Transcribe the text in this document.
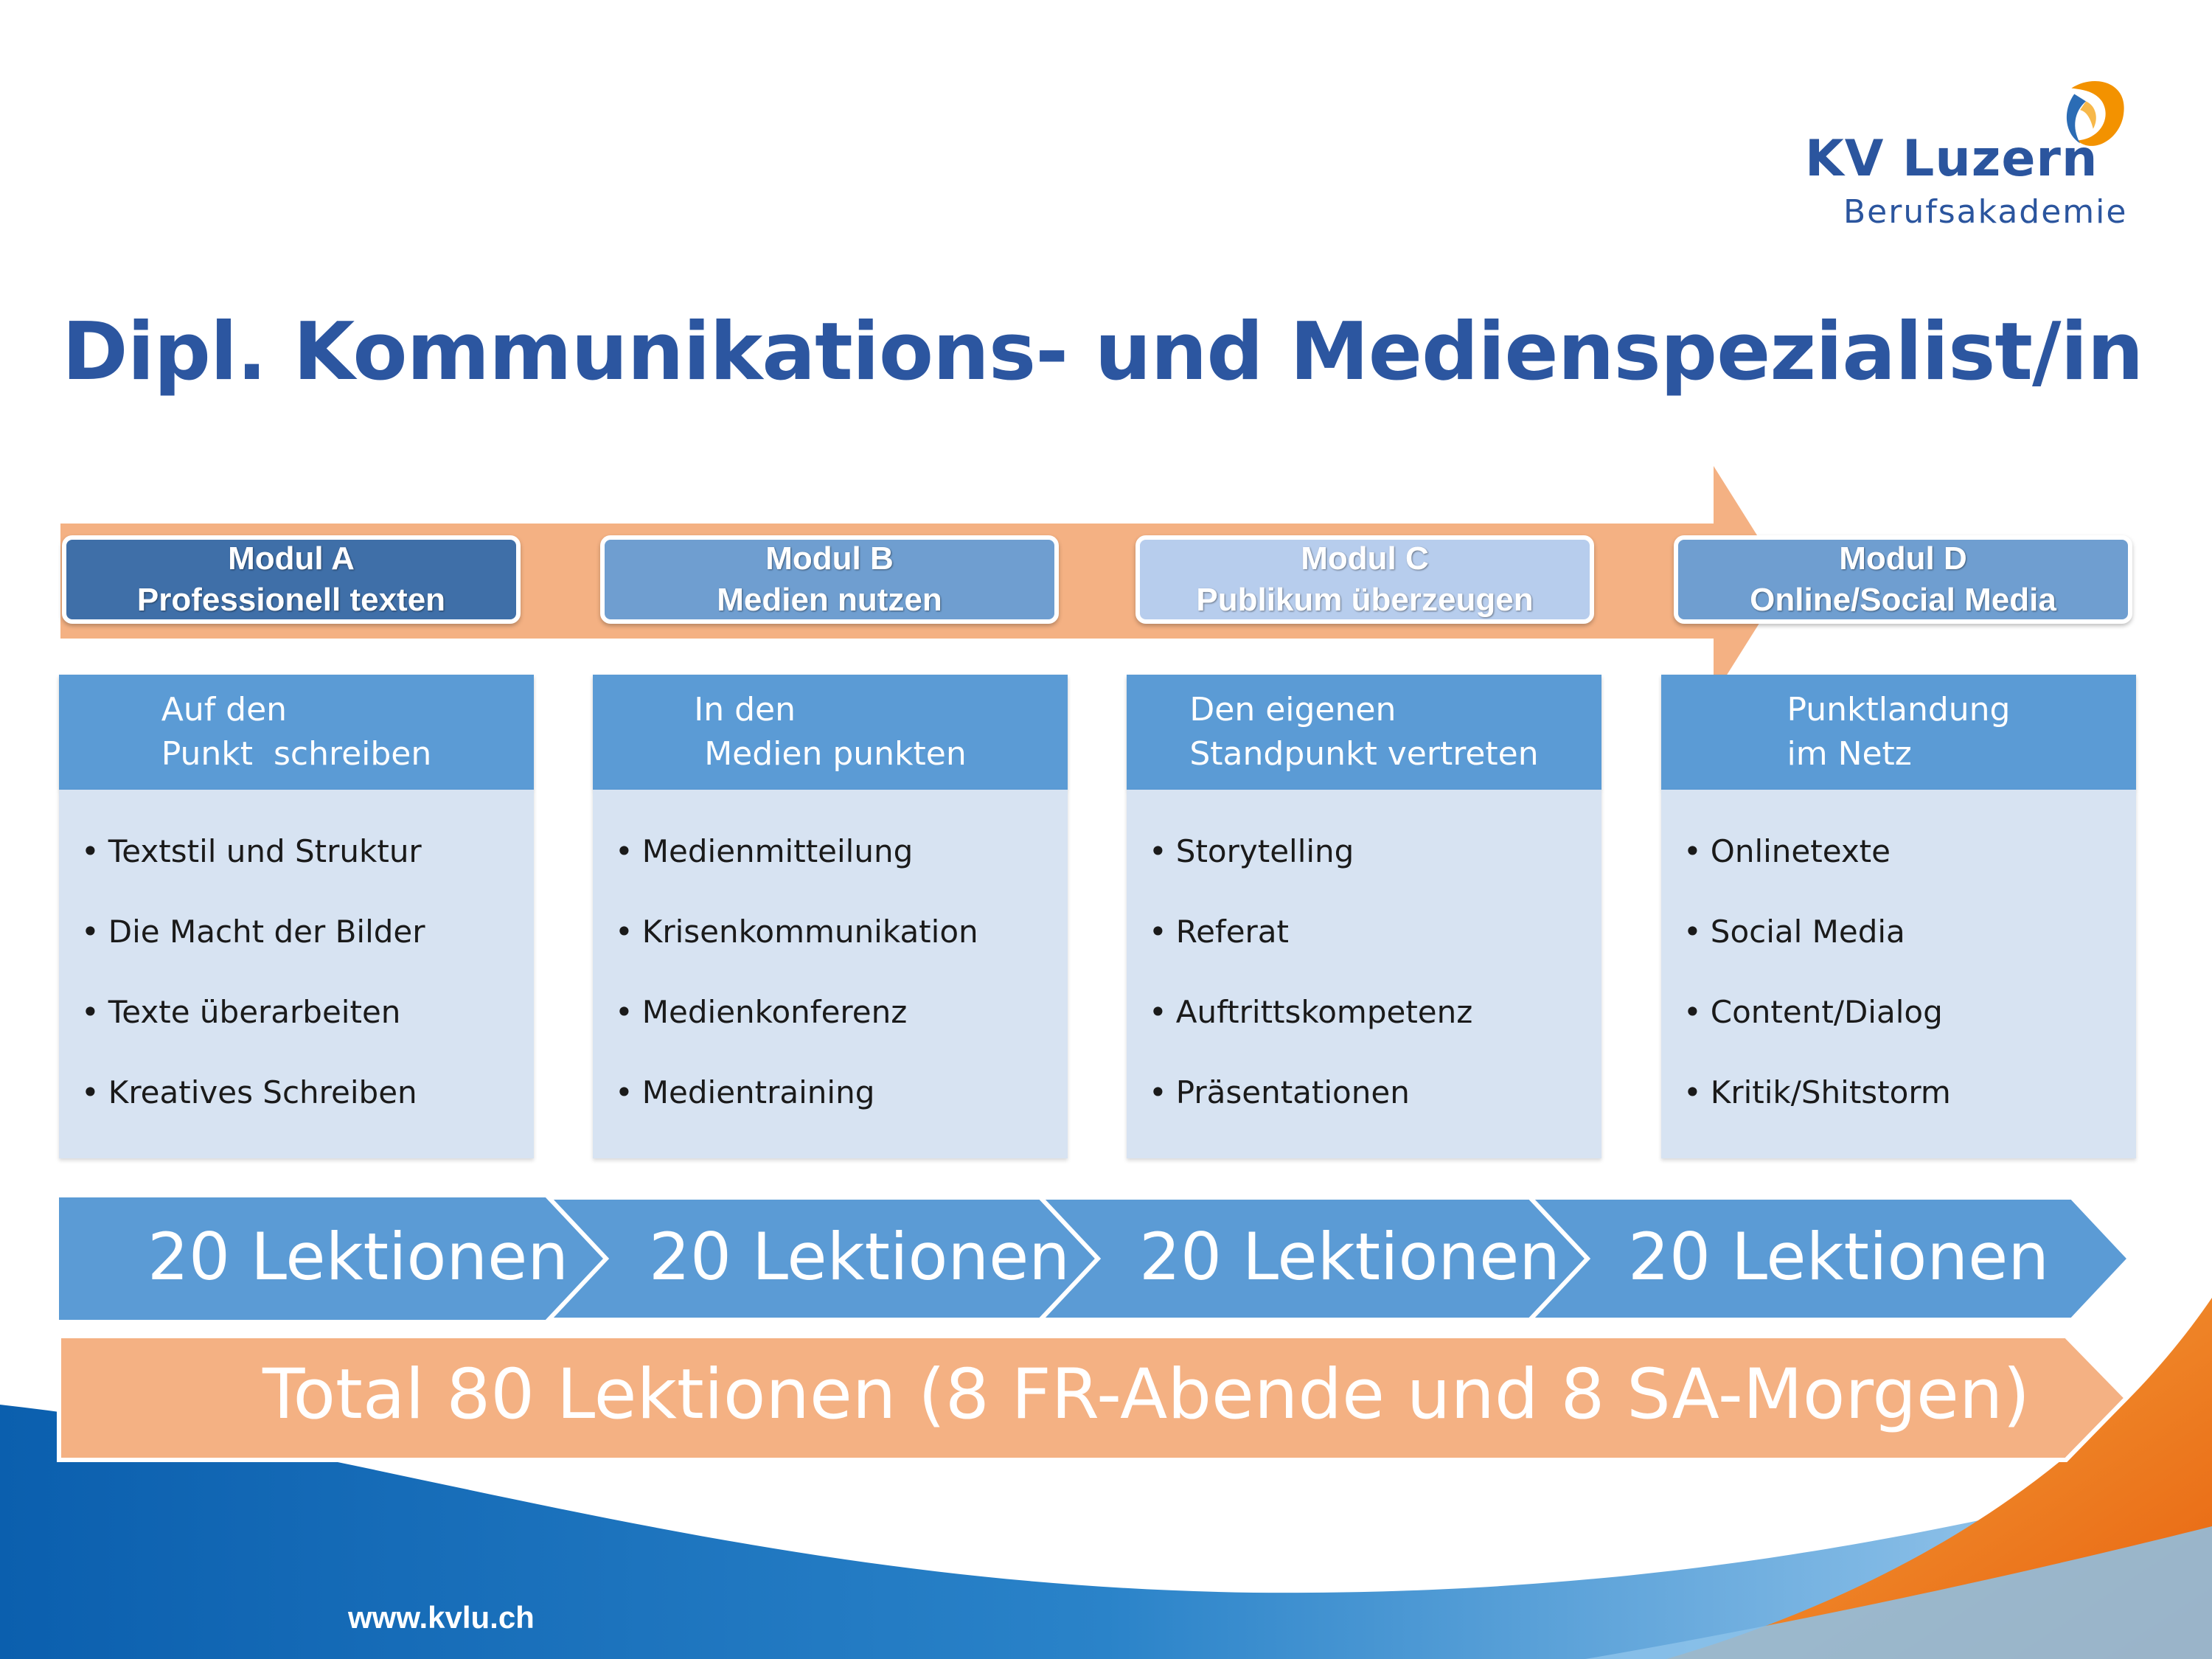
KV Luzern
Berufsakademie
Dipl. Kommunikations- und Medienspezialist/in
Modul A
Professionell texten
Modul B
Medien nutzen
Modul C
Publikum überzeugen
Modul D
Online/Social Media
Auf den
Punkt  schreiben
• Textstil und Struktur
• Die Macht der Bilder
• Texte überarbeiten
• Kreatives Schreiben
In den
Medien punkten
• Medienmitteilung
• Krisenkommunikation
• Medienkonferenz
• Medientraining
Den eigenen
Standpunkt vertreten
• Storytelling
• Referat
• Auftrittskompetenz
• Präsentationen
Punktlandung
im Netz
• Onlinetexte
• Social Media
• Content/Dialog
• Kritik/Shitstorm
20 Lektionen 20 Lektionen 20 Lektionen 20 Lektionen
Total 80 Lektionen (8 FR-Abende und 8 SA-Morgen)
www.kvlu.ch
